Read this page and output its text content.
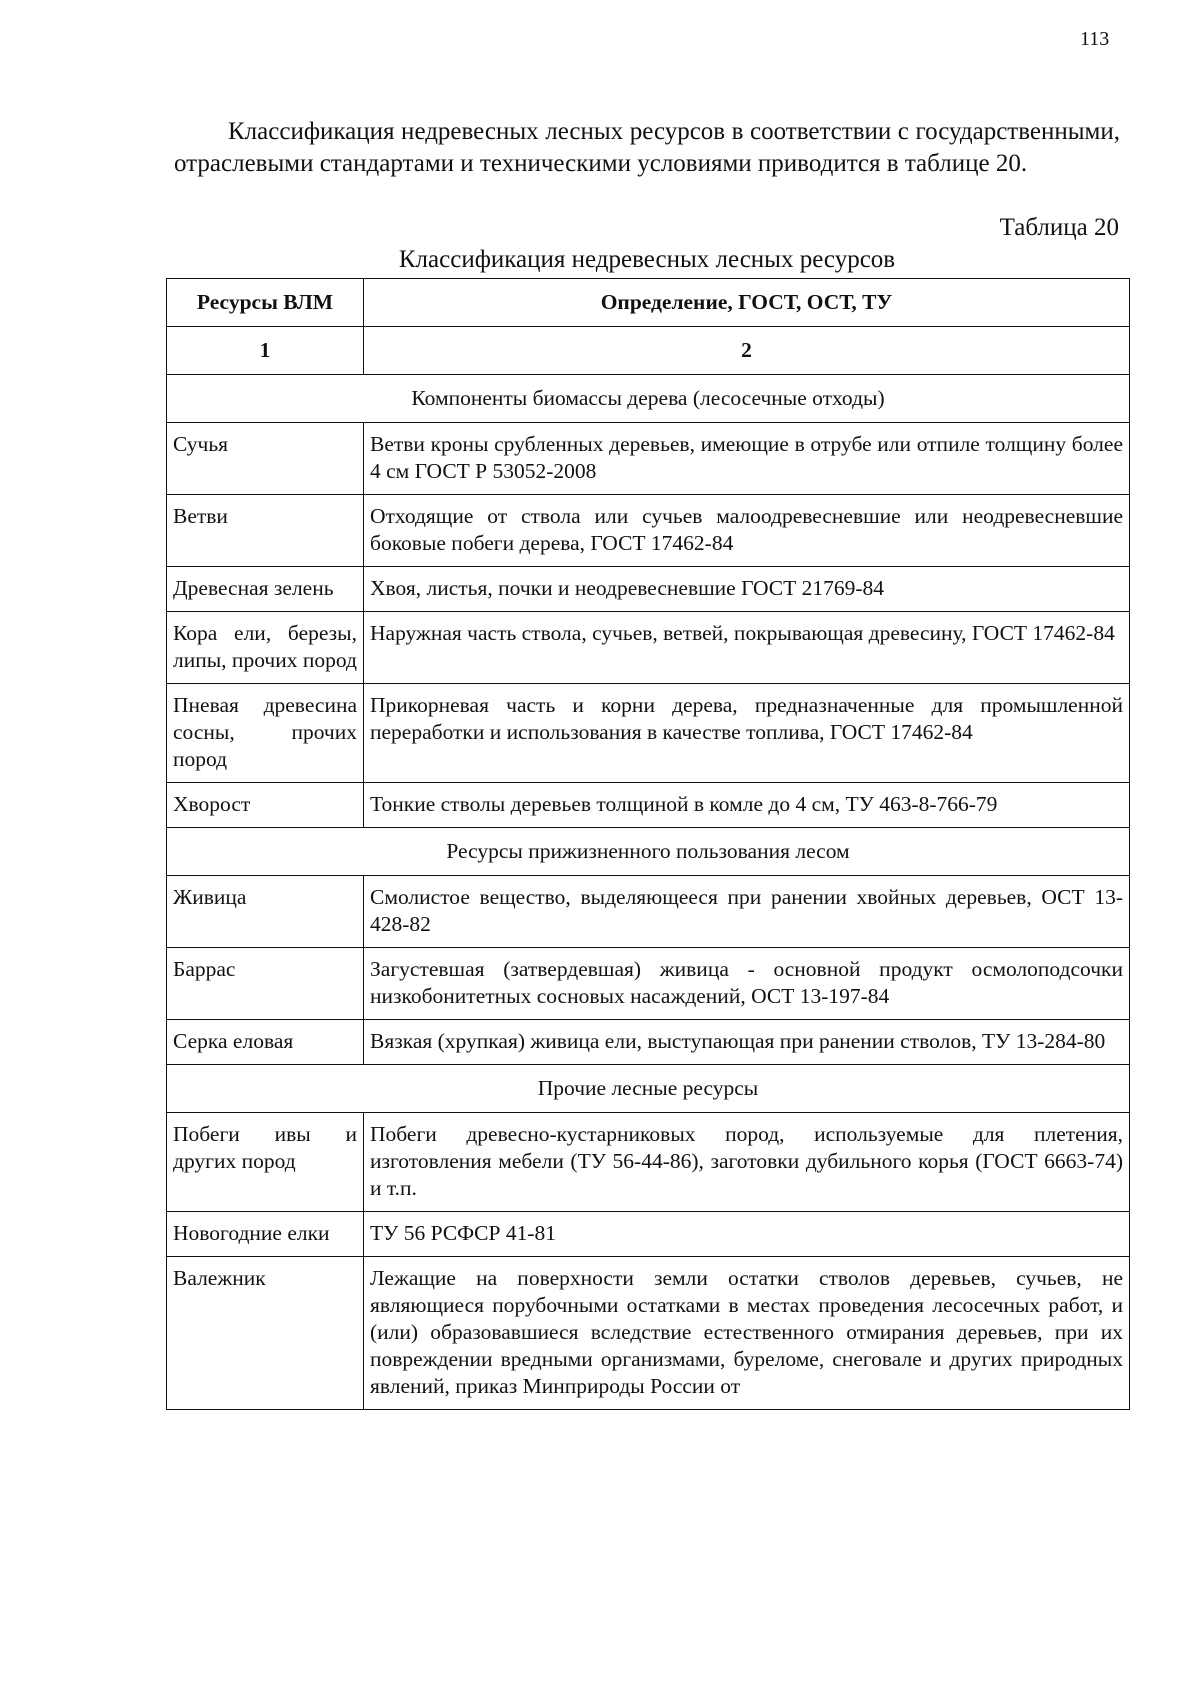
113

Классификация недревесных лесных ресурсов в соответствии с государственными, отраслевыми стандартами и техническими условиями приводится в таблице 20.

Таблица 20
Классификация недревесных лесных ресурсов
Ресурсы ВЛМ	Определение, ГОСТ, ОСТ, ТУ
1	2
Компоненты биомассы дерева (лесосечные отходы)	
Сучья	Ветви кроны срубленных деревьев, имеющие в отрубе или отпиле толщину более 4 см ГОСТ Р 53052-2008
Ветви	Отходящие от ствола или сучьев малоодревесневшие или неодревесневшие боковые побеги дерева, ГОСТ 17462-84
Древесная зелень	Хвоя, листья, почки и неодревесневшие ГОСТ 21769-84
Кора ели, березы, липы, прочих пород	Наружная часть ствола, сучьев, ветвей, покрывающая древесину, ГОСТ 17462-84
Пневая древесина сосны, прочих пород	Прикорневая часть и корни дерева, предназначенные для промышленной переработки и использования в качестве топлива, ГОСТ 17462-84
Хворост	Тонкие стволы деревьев толщиной в комле до 4 см, ТУ 463-8-766-79
Ресурсы прижизненного пользования лесом	
Живица	Смолистое вещество, выделяющееся при ранении хвойных деревьев, ОСТ 13-428-82
Баррас	Загустевшая (затвердевшая) живица - основной продукт осмолоподсочки низкобонитетных сосновых насаждений, ОСТ 13-197-84
Серка еловая	Вязкая (хрупкая) живица ели, выступающая при ранении стволов, ТУ 13-284-80
Прочие лесные ресурсы	
Побеги ивы и других пород	Побеги древесно-кустарниковых пород, используемые для плетения, изготовления мебели (ТУ 56-44-86), заготовки дубильного корья (ГОСТ 6663-74) и т.п.
Новогодние елки	ТУ 56 РСФСР 41-81
Валежник	Лежащие на поверхности земли остатки стволов деревьев, сучьев, не являющиеся порубочными остатками в местах проведения лесосечных работ, и (или) образовавшиеся вследствие естественного отмирания деревьев, при их повреждении вредными организмами, буреломе, снеговале и других природных явлений, приказ Минприроды России от
